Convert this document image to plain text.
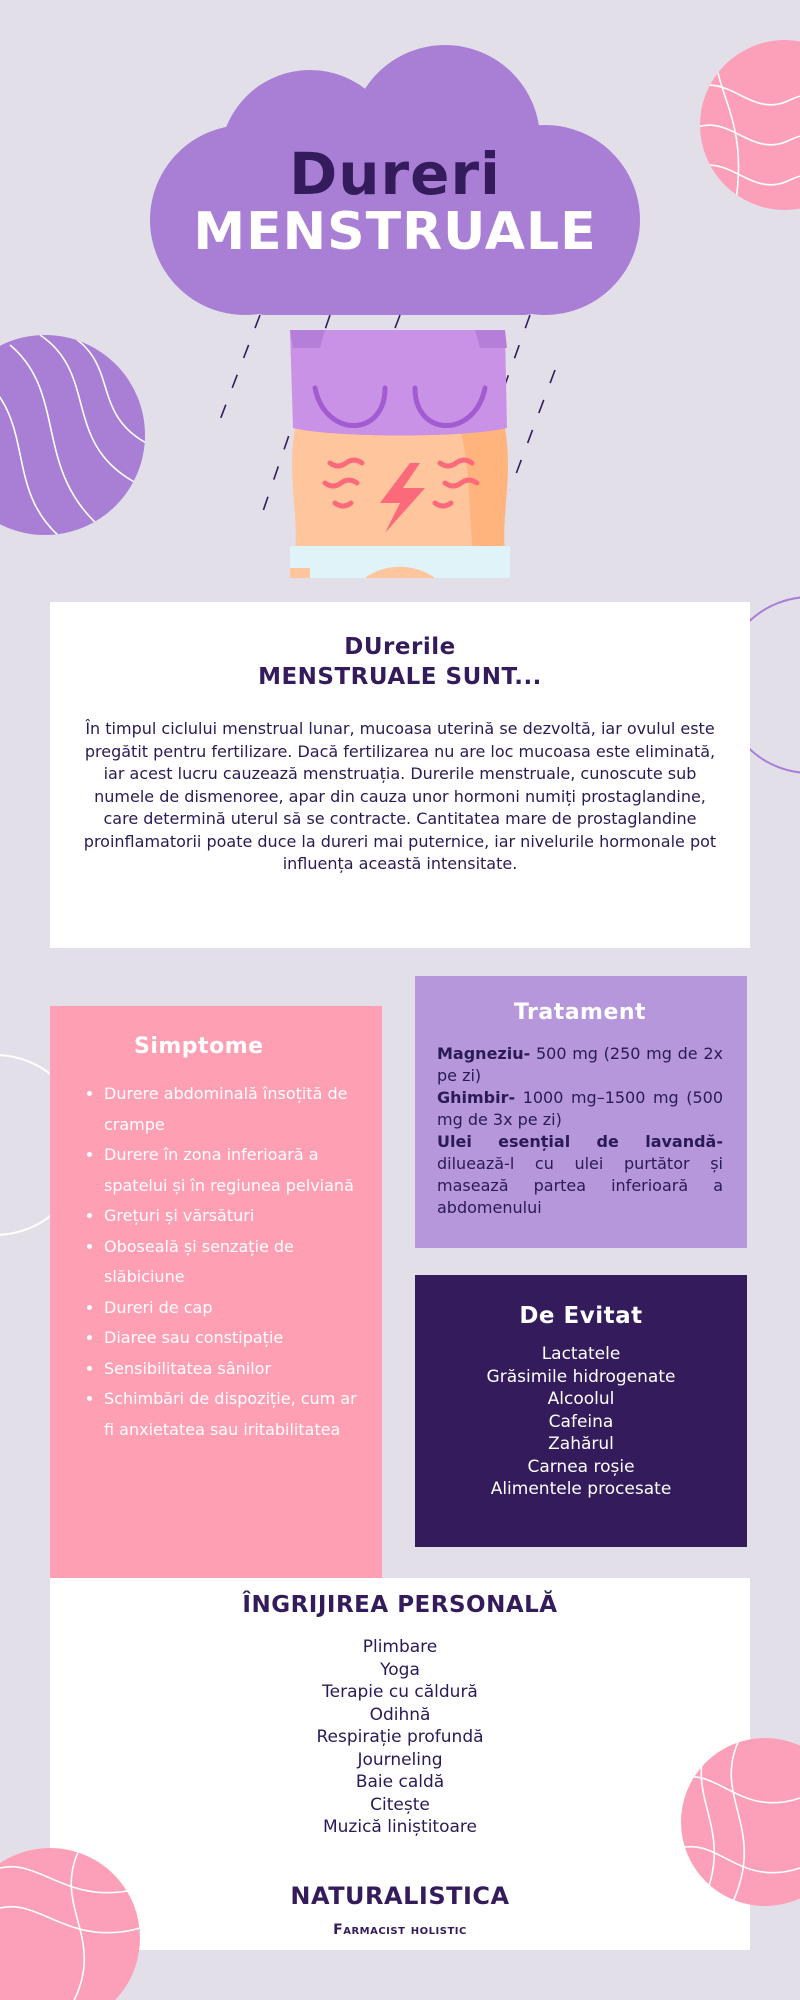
Dureri
MENSTRUALE
DUrerile
MENSTRUALE SUNT...

În timpul ciclului menstrual lunar, mucoasa uterină se dezvoltă, iar ovulul este pregătit pentru fertilizare. Dacă fertilizarea nu are loc mucoasa este eliminată, iar acest lucru cauzează menstruația. Durerile menstruale, cunoscute sub numele de dismenoree, apar din cauza unor hormoni numiți prostaglandine, care determină uterul să se contracte. Cantitatea mare de prostaglandine proinflamatorii poate duce la dureri mai puternice, iar nivelurile hormonale pot influența această intensitate.

Simptome
• Durere abdominală însoțită de crampe
• Durere în zona inferioară a spatelui și în regiunea pelviană
• Grețuri și vărsături
• Oboseală și senzație de slăbiciune
• Dureri de cap
• Diaree sau constipație
• Sensibilitatea sânilor
• Schimbări de dispoziție, cum ar fi anxietatea sau iritabilitatea
Tratament
Magneziu- 500 mg (250 mg de 2x pe zi)
Ghimbir- 1000 mg–1500 mg (500 mg de 3x pe zi)
Ulei esențial de lavandă- diluează-l cu ulei purtător și masează partea inferioară a abdomenului
De Evitat
Lactatele
Grăsimile hidrogenate
Alcoolul
Cafeina
Zahărul
Carnea roșie
Alimentele procesate
ÎNGRIJIREA PERSONALĂ
Plimbare
Yoga
Terapie cu căldură
Odihnă
Respirație profundă
Journeling
Baie caldă
Citește
Muzică liniștitoare
NATURALISTICA
Farmacist holistic
